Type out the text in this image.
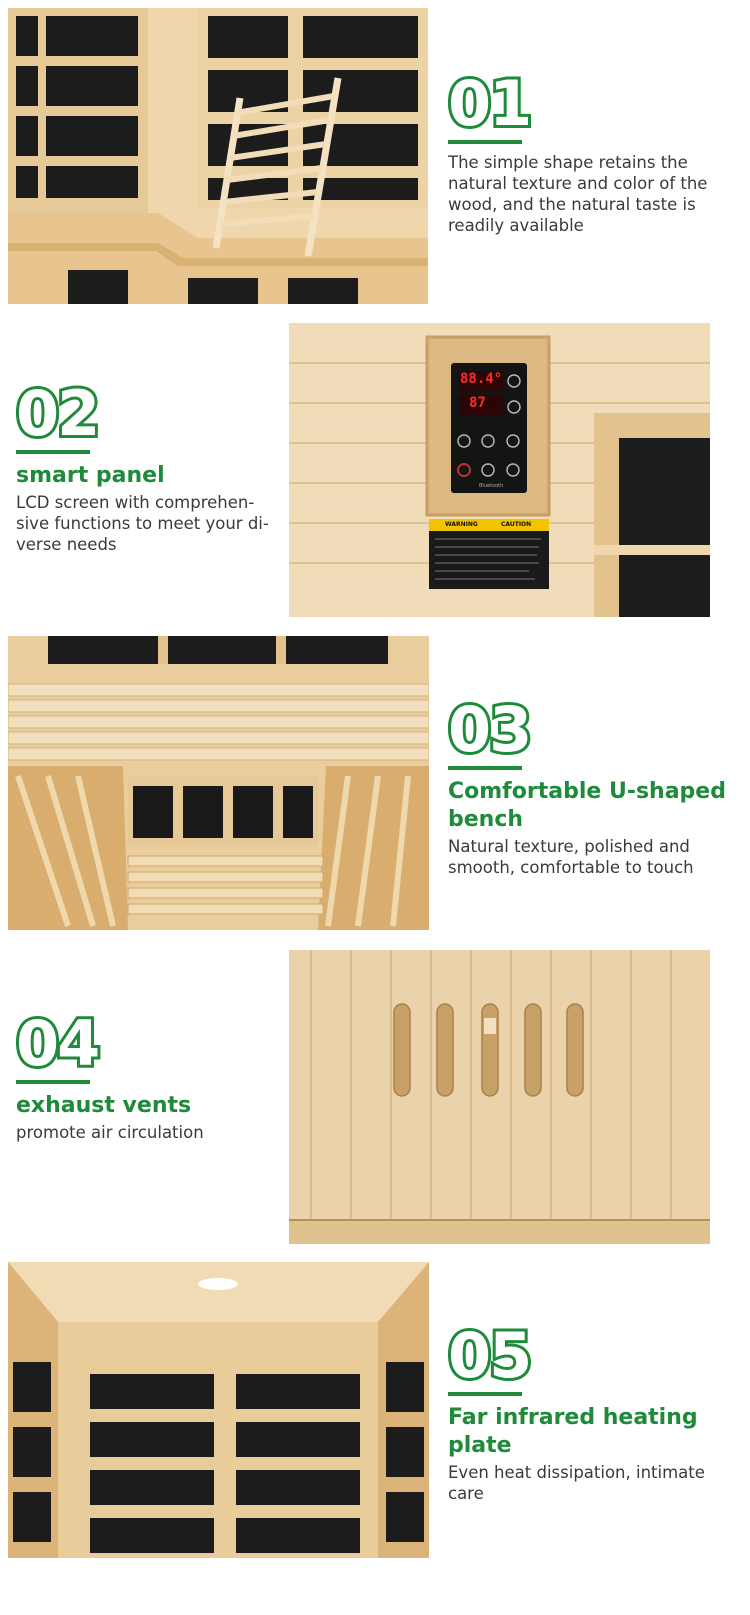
01
The simple shape retains the natural texture and color of the wood, and the natural taste is readily available
88.4°
87
WARNING	CAUTION
Bluetooth
02
smart panel
LCD screen with comprehen-sive functions to meet your di-verse needs
03
Comfortable U-shaped bench
Natural texture, polished and smooth, comfortable to touch
04
exhaust vents
promote air circulation
05
Far infrared heating plate
Even heat dissipation, intimate care
